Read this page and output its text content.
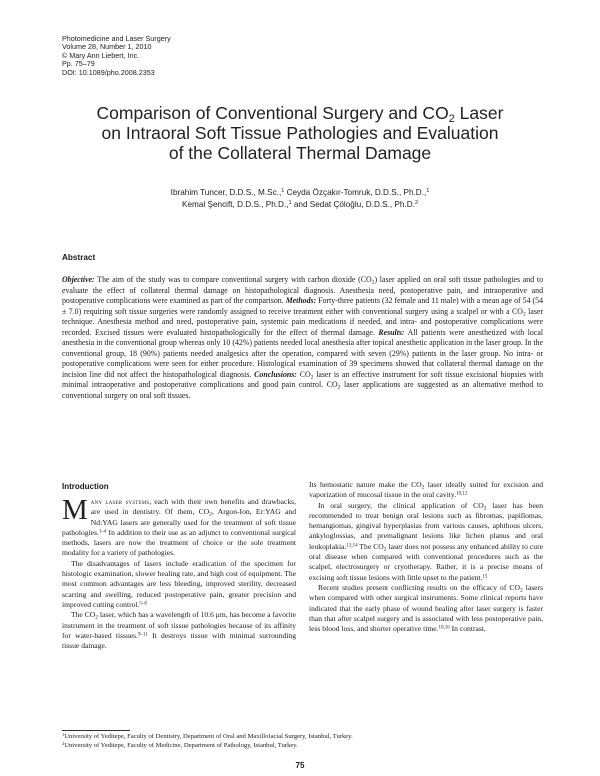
Photomedicine and Laser Surgery
Volume 28, Number 1, 2010
© Mary Ann Liebert, Inc.
Pp. 75–79
DOI: 10.1089/pho.2008.2353
Comparison of Conventional Surgery and $CO_2$ Laser
on Intraoral Soft Tissue Pathologies and Evaluation
of the Collateral Thermal Damage
Ibrahim Tuncer, D.D.S., M.Sc.,$^1$ Ceyda Özçakır-Tomruk, D.D.S., Ph.D.,$^1$
Kemal Şencift, D.D.S., Ph.D.,$^1$ and Sedat Çöloğlu, D.D.S., Ph.D.$^2$
Abstract
Objective: The aim of the study was to compare conventional surgery with carbon dioxide $(CO_2)$ laser applied on oral soft tissue pathologies and to evaluate the effect of collateral thermal damage on histopathological diagnosis. Anesthesia need, postoperative pain, and intraoperative and postoperative complications were examined as part of the comparison. Methods: Forty-three patients (32 female and 11 male) with a mean age of 54 (54 ± 7.0) requiring soft tissue surgeries were randomly assigned to receive treatment either with conventional surgery using a scalpel or with a $CO_2$ laser technique. Anesthesia method and need, postoperative pain, systemic pain medications if needed, and intra- and postoperative complications were recorded. Excised tissues were evaluated histopathologically for the effect of thermal damage. Results: All patients were anesthetized with local anesthesia in the conventional group whereas only 10 (42%) patients needed local anesthesia after topical anesthetic application in the laser group. In the conventional group, 18 (90%) patients needed analgesics after the operation, compared with seven (29%) patients in the laser group. No intra- or postoperative complications were seen for either procedure. Histological examination of 39 specimens showed that collateral thermal damage on the incision line did not affect the histopathological diagnosis. Conclusions: $CO_2$ laser is an effective instrument for soft tissue excisional biopsies with minimal intraoperative and postoperative complications and good pain control. $CO_2$ laser applications are suggested as an alternative method to conventional surgery on oral soft tissues.
Introduction

Many laser systems, each with their own benefits and drawbacks, are used in dentistry. Of them, $CO_2$, Argon-Ion, Er:YAG and Nd:YAG lasers are generally used for the treatment of soft tissue pathologies.$^{1-4}$ In addition to their use as an adjunct to conventional surgical methods, lasers are now the treatment of choice or the sole treatment modality for a variety of pathologies.

The disadvantages of lasers include eradication of the specimen for histologic examination, slower healing rate, and high cost of equipment. The most common advantages are less bleeding, improved sterility, decreased scarring and swelling, reduced postoperative pain, greater precision and improved cutting control.$^{5-8}$

The $CO_2$ laser, which has a wavelength of 10.6 μm, has become a favorite instrument in the treatment of soft tissue pathologies because of its affinity for water-based tissues.$^{9-11}$ It destroys tissue with minimal surrounding tissue damage.

Its hemostatic nature make the $CO_2$ laser ideally suited for excision and vaporization of mucosal tissue in the oral cavity.$^{10,12}$

In oral surgery, the clinical application of $CO_2$ laser has been recommended to treat benign oral lesions such as fibromas, papillomas, hemangiomas, gingival hyperplasias from various causes, aphthous ulcers, ankyloglossias, and premalignant lesions like lichen planus and oral leukoplakia.$^{13,14}$ The $CO_2$ laser does not possess any enhanced ability to cure oral disease when compared with conventional procedures such as the scalpel, electrosurgery or cryotherapy. Rather, it is a precise means of excising soft tissue lesions with little upset to the patient.$^{15}$

Recent studies present conflicting results on the efficacy of $CO_2$ lasers when compared with other surgical instruments. Some clinical reports have indicated that the early phase of wound healing after laser surgery is faster than that after scalpel surgery and is associated with less postoperative pain, less blood loss, and shorter operative time.$^{10,16}$ In contrast,

$^1$University of Yeditepe, Faculty of Dentistry, Department of Oral and Maxillofacial Surgery, Istanbul, Turkey.
$^2$University of Yeditepe, Faculty of Medicine, Department of Pathology, Istanbul, Turkey.
75
